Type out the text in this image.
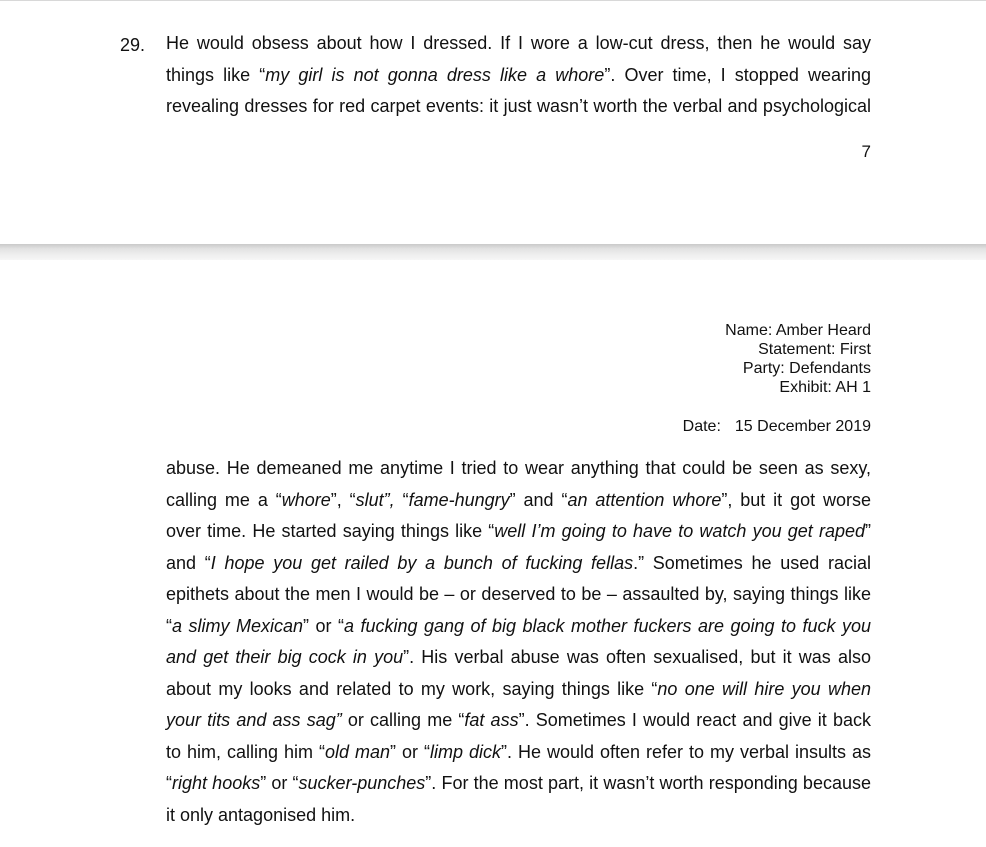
29. He would obsess about how I dressed. If I wore a low-cut dress, then he would say
things like “my girl is not gonna dress like a whore”. Over time, I stopped wearing
revealing dresses for red carpet events: it just wasn’t worth the verbal and psychological
7
Name: Amber Heard
Statement: First
Party: Defendants
Exhibit: AH 1
Date: 15 December 2019
abuse. He demeaned me anytime I tried to wear anything that could be seen as sexy,
calling me a “whore”, “slut”, “fame-hungry” and “an attention whore”, but it got worse
over time. He started saying things like “well I’m going to have to watch you get raped”
and “I hope you get railed by a bunch of fucking fellas.” Sometimes he used racial
epithets about the men I would be – or deserved to be – assaulted by, saying things like
“a slimy Mexican” or “a fucking gang of big black mother fuckers are going to fuck you
and get their big cock in you”. His verbal abuse was often sexualised, but it was also
about my looks and related to my work, saying things like “no one will hire you when
your tits and ass sag” or calling me “fat ass”. Sometimes I would react and give it back
to him, calling him “old man” or “limp dick”. He would often refer to my verbal insults as
“right hooks” or “sucker-punches”. For the most part, it wasn’t worth responding because
it only antagonised him.
